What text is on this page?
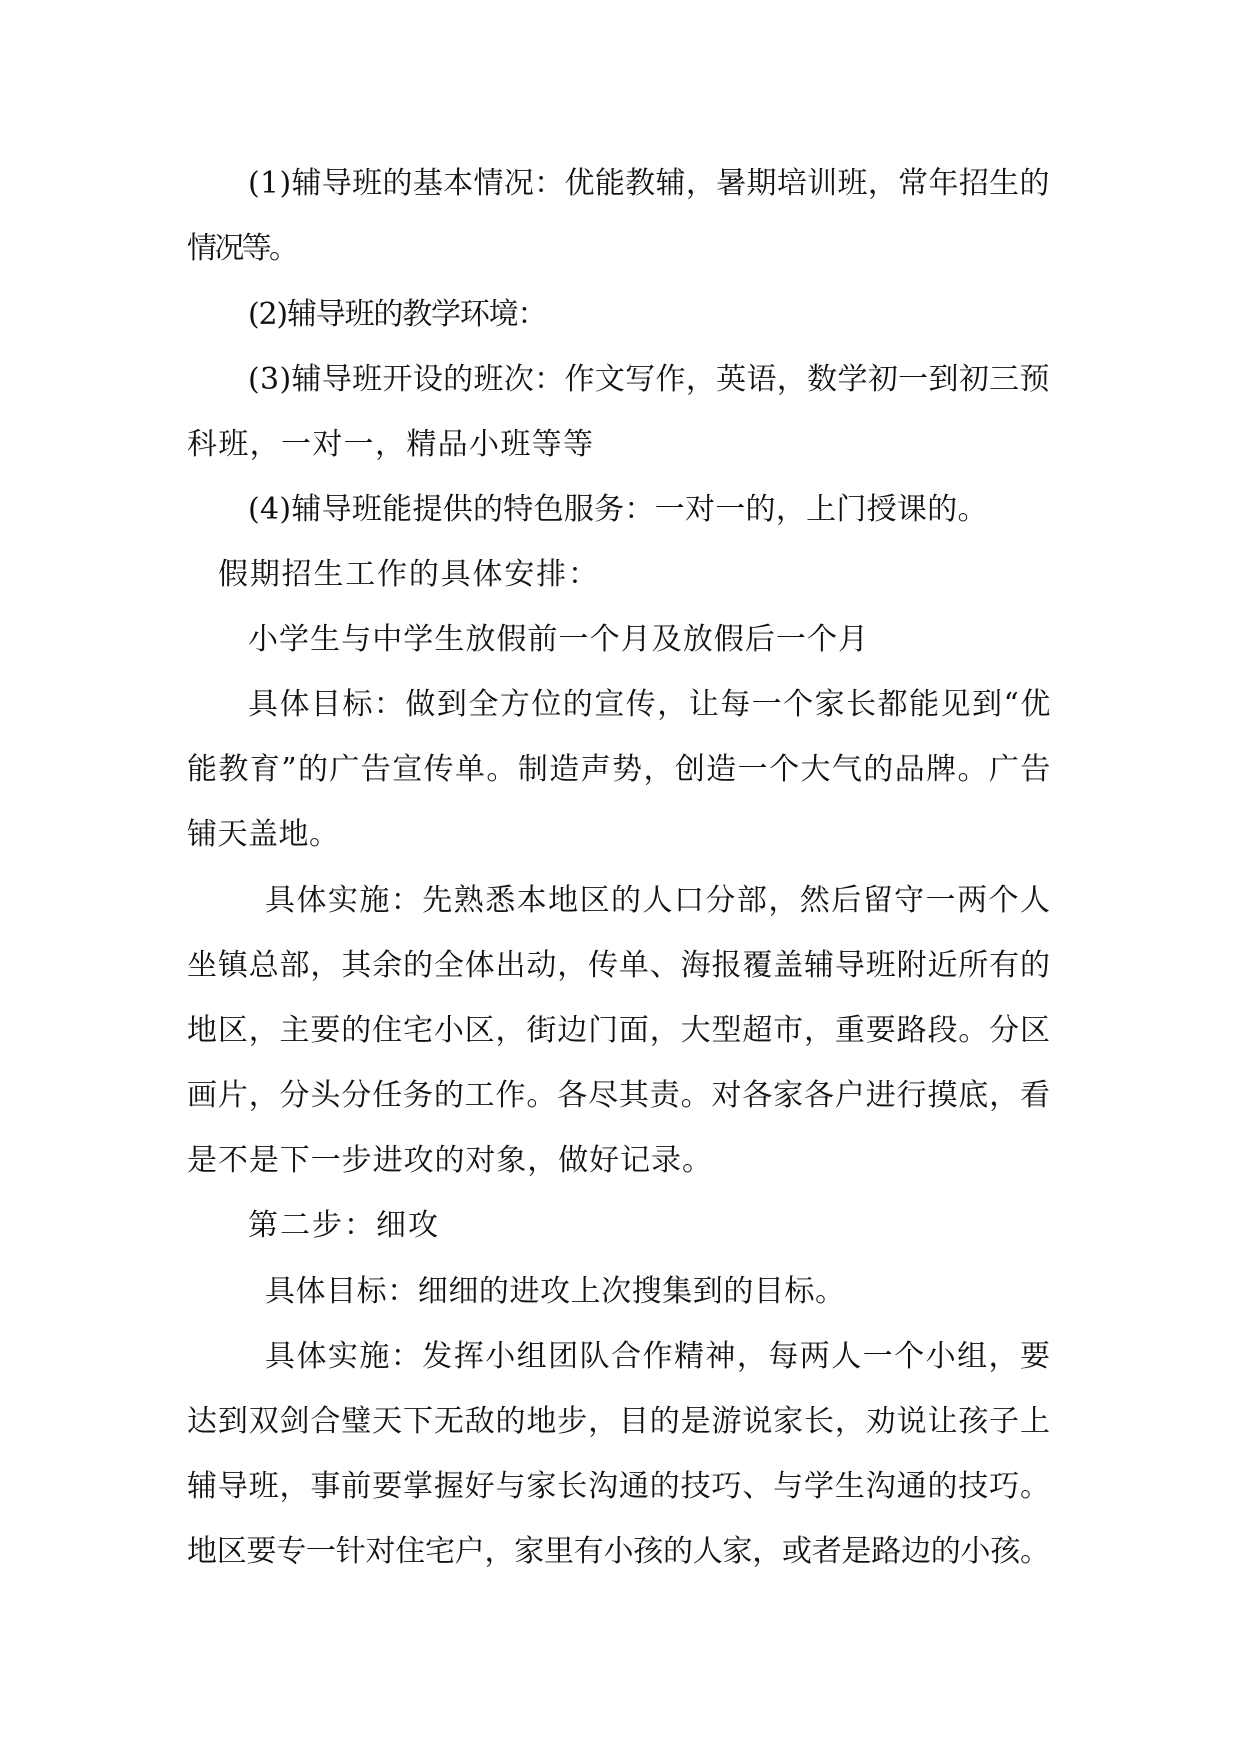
(1)辅导班的基本情况：优能教辅，暑期培训班，常年招生的
情况等。
(2)辅导班的教学环境：
(3)辅导班开设的班次：作文写作，英语，数学初一到初三预
科班，一对一，精品小班等等
(4)辅导班能提供的特色服务：一对一的，上门授课的。
假期招生工作的具体安排：
小学生与中学生放假前一个月及放假后一个月
具体目标：做到全方位的宣传，让每一个家长都能见到“优
能教育”的广告宣传单。制造声势，创造一个大气的品牌。广告
铺天盖地。
具体实施：先熟悉本地区的人口分部，然后留守一两个人
坐镇总部，其余的全体出动，传单、海报覆盖辅导班附近所有的
地区，主要的住宅小区，街边门面，大型超市，重要路段。分区
画片，分头分任务的工作。各尽其责。对各家各户进行摸底，看
是不是下一步进攻的对象，做好记录。
第二步：细攻
具体目标：细细的进攻上次搜集到的目标。
具体实施：发挥小组团队合作精神，每两人一个小组，要
达到双剑合璧天下无敌的地步，目的是游说家长，劝说让孩子上
辅导班，事前要掌握好与家长沟通的技巧、与学生沟通的技巧。
地区要专一针对住宅户，家里有小孩的人家，或者是路边的小孩。
